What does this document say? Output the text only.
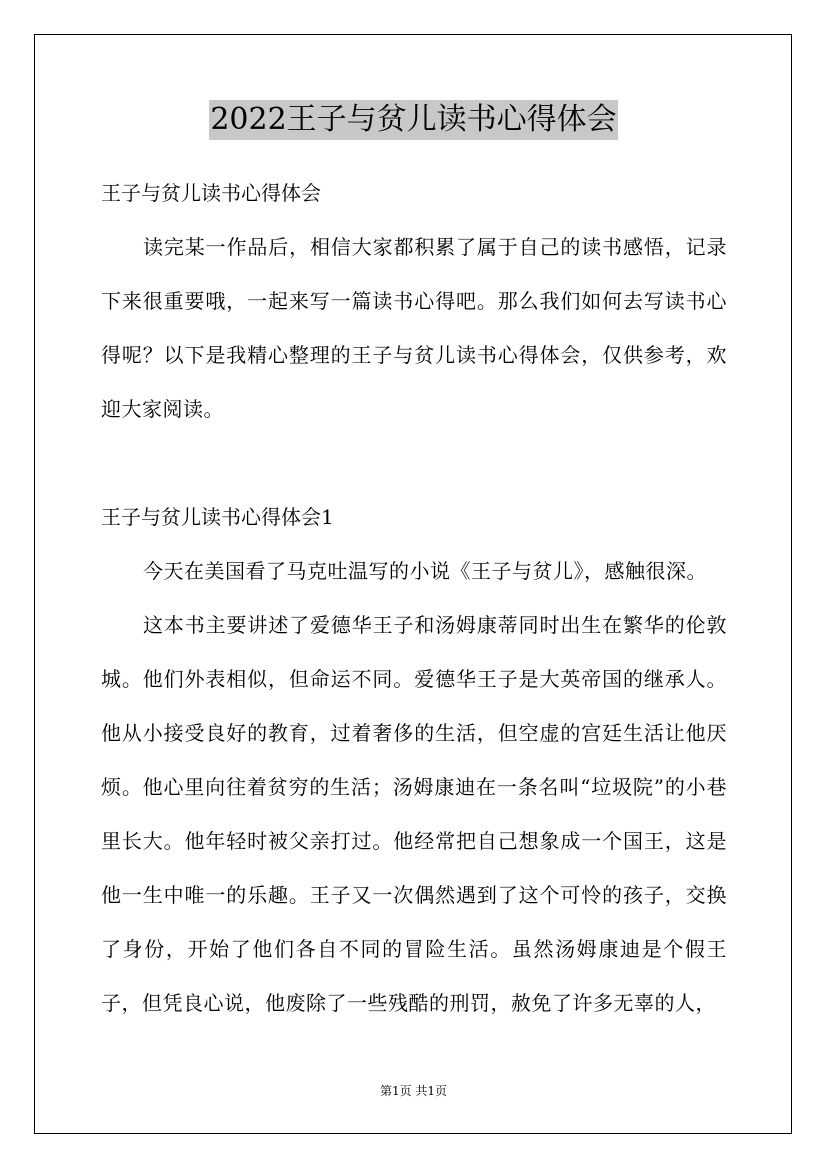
2022王子与贫儿读书心得体会

王子与贫儿读书心得体会

读完某一作品后，相信大家都积累了属于自己的读书感悟，记录下来很重要哦，一起来写一篇读书心得吧。那么我们如何去写读书心得呢？以下是我精心整理的王子与贫儿读书心得体会，仅供参考，欢迎大家阅读。

王子与贫儿读书心得体会1

今天在美国看了马克吐温写的小说《王子与贫儿》，感触很深。

这本书主要讲述了爱德华王子和汤姆康蒂同时出生在繁华的伦敦城。他们外表相似，但命运不同。爱德华王子是大英帝国的继承人。他从小接受良好的教育，过着奢侈的生活，但空虚的宫廷生活让他厌烦。他心里向往着贫穷的生活；汤姆康迪在一条名叫“垃圾院”的小巷里长大。他年轻时被父亲打过。他经常把自己想象成一个国王，这是他一生中唯一的乐趣。王子又一次偶然遇到了这个可怜的孩子，交换了身份，开始了他们各自不同的冒险生活。虽然汤姆康迪是个假王子，但凭良心说，他废除了一些残酷的刑罚，赦免了许多无辜的人，

第1页 共1页
